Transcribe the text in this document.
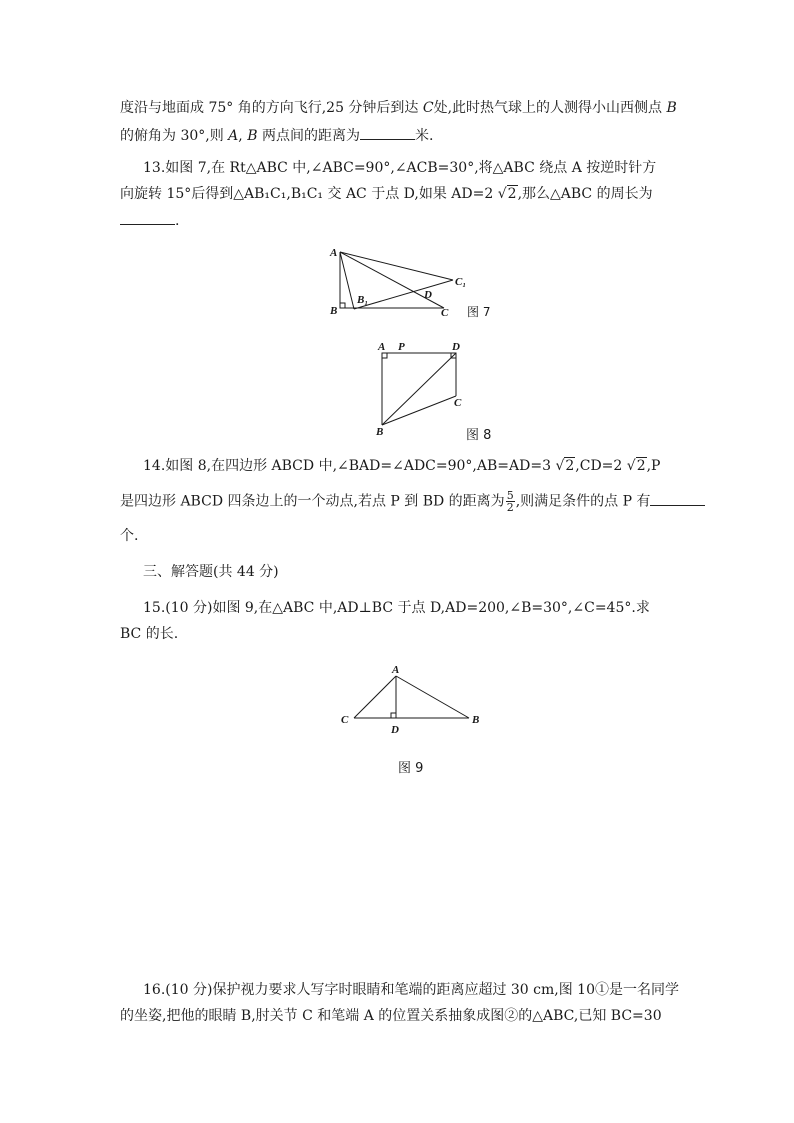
度沿与地面成 75° 角的方向飞行,25 分钟后到达 C处,此时热气球上的人测得小山西侧点 B
的俯角为 30°,则 A, B 两点间的距离为	米.
13.如图 7,在 Rt△ABC 中,∠ABC=90°,∠ACB=30°,将△ABC 绕点 A 按逆时针方
向旋转 15°后得到△AB₁C₁,B₁C₁ 交 AC 于点 D,如果 AD=2 √2,那么△ABC 的周长为
.
A
C₁
B₁	D
B	C 图 7
A P	D
C
B	图 8
14.如图 8,在四边形 ABCD 中,∠BAD=∠ADC=90°,AB=AD=3 √2,CD=2 √2,P
是四边形 ABCD 四条边上的一个动点,若点 P 到 BD 的距离为 $\frac{5}{2}$ ,则满足条件的点 P 有
个.
三、解答题(共 44 分)
15.(10 分)如图 9,在△ABC 中,AD⊥BC 于点 D,AD=200,∠B=30°,∠C=45°.求
BC 的长.
A
C
D
B
图 9
16.(10 分)保护视力要求人写字时眼睛和笔端的距离应超过 30 cm,图 10①是一名同学
的坐姿,把他的眼睛 B,肘关节 C 和笔端 A 的位置关系抽象成图②的△ABC,已知 BC=30
